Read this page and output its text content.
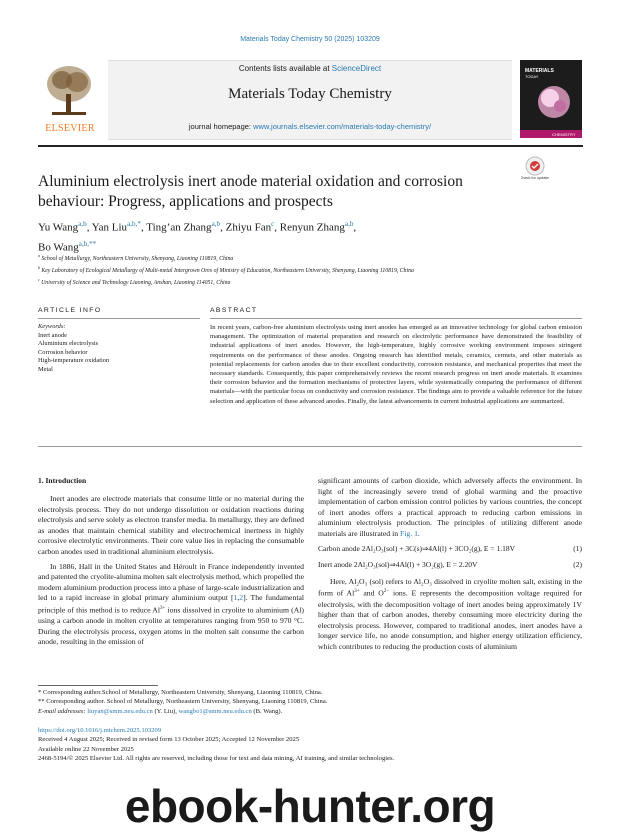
Materials Today Chemistry 50 (2025) 103209
ELSEVIER
Contents lists available at ScienceDirect
Materials Today Chemistry
journal homepage: www.journals.elsevier.com/materials-today-chemistry/
MATERIALS
TODAY
CHEMISTRY
Aluminium electrolysis inert anode material oxidation and corrosion behaviour: Progress, applications and prospects
Check for updates
Yu Wang$^{a,b}$, Yan Liu$^{a,b,*}$, Ting’an Zhang$^{a,b}$, Zhiyu Fan$^c$, Renyun Zhang$^{a,b}$,
Bo Wang$^{a,b,**}$
$^a$ School of Metallurgy, Northeastern University, Shenyang, Liaoning 110819, China
$^b$ Key Laboratory of Ecological Metallurgy of Multi-metal Intergrown Ores of Ministry of Education, Northeastern University, Shenyang, Liaoning 110819, China
$^c$ University of Science and Technology Liaoning, Anshan, Liaoning 114051, China
ARTICLE INFO	ABSTRACT
Keywords:
Inert anode
Aluminium electrolysis
Corrosion behavior
High-temperature oxidation
Metal
In recent years, carbon-free aluminium electrolysis using inert anodes has emerged as an innovative technology for global carbon emission management. The optimization of material preparation and research on electrolytic performance have demonstrated the feasibility of industrial applications of inert anodes. However, the high-temperature, highly corrosive working environment imposes stringent requirements on the performance of these anodes. Ongoing research has identified metals, ceramics, cermets, and other materials as potential replacements for carbon anodes due to their excellent conductivity, corrosion resistance, and mechanical properties that meet the necessary standards. Consequently, this paper comprehensively reviews the recent research progress on inert anode materials. It examines their corrosion behavior and the formation mechanisms of protective layers, while systematically comparing the performance of different materials—with the particular focus on conductivity and corrosion resistance. The findings aim to provide a valuable reference for the future selection and application of these advanced anodes. Finally, the latest advancements in current industrial applications are summarized.
1. Introduction

Inert anodes are electrode materials that consume little or no material during the electrolysis process. They do not undergo dissolution or oxidation reactions during electrolysis and serve solely as electron transfer media. In metallurgy, they are defined as anodes that maintain chemical stability and electrochemical inertness in highly corrosive electrolytic environments. Their core value lies in replacing the consumable carbon anodes used in traditional aluminium electrolysis.

In 1886, Hall in the United States and Héroult in France independently invented and patented the cryolite-alumina molten salt electrolysis method, which propelled the modern aluminium production process into a phase of large-scale industrialization and led to a rapid increase in global primary aluminium output [1,2]. The fundamental principle of this method is to reduce $Al^{3+}$ ions dissolved in cryolite to aluminium (Al) using a carbon anode in molten cryolite at temperatures ranging from 950 to 970 °C. During the electrolysis process, oxygen atoms in the molten salt consume the carbon anode, resulting in the emission of

significant amounts of carbon dioxide, which adversely affects the environment. In light of the increasingly severe trend of global warming and the proactive implementation of carbon emission control policies by various countries, the concept of inert anodes offers a practical approach to reducing carbon emissions in aluminium electrolysis production. The principles of utilizing different anode materials are illustrated in Fig. 1.

Carbon anode 2Al₂O₃(sol) + 3C(s)⇒4Al(l) + 3CO₂(g), E = 1.18V	(1)
Inert anode 2Al₂O₃(sol)⇒4Al(l) + 3O₂(g), E = 2.20V	(2)

Here, Al₂O₃ (sol) refers to Al₂O₃ dissolved in cryolite molten salt, existing in the form of $Al^{3+}$ and $O^{2-}$ ions. E represents the decomposition voltage required for electrolysis, with the decomposition voltage of inert anodes being approximately 1V higher than that of carbon anodes, thereby consuming more electricity during the electrolysis process. However, compared to traditional anodes, inert anodes have a longer service life, no anode consumption, and higher energy utilization efficiency, which contributes to reducing the production costs of aluminium

* Corresponding author.School of Metallurgy, Northeastern University, Shenyang, Liaoning 110819, China.
** Corresponding author. School of Metallurgy, Northeastern University, Shenyang, Liaoning 110819, China.
E-mail addresses: liuyan@smm.neu.edu.cn (Y. Liu), wangbo1@smm.neu.edu.cn (B. Wang).
https://doi.org/10.1016/j.mtchem.2025.103209
Received 4 August 2025; Received in revised form 13 October 2025; Accepted 12 November 2025
Available online 22 November 2025
2468-5194/© 2025 Elsevier Ltd. All rights are reserved, including those for text and data mining, AI training, and similar technologies.
ebook-hunter.org
